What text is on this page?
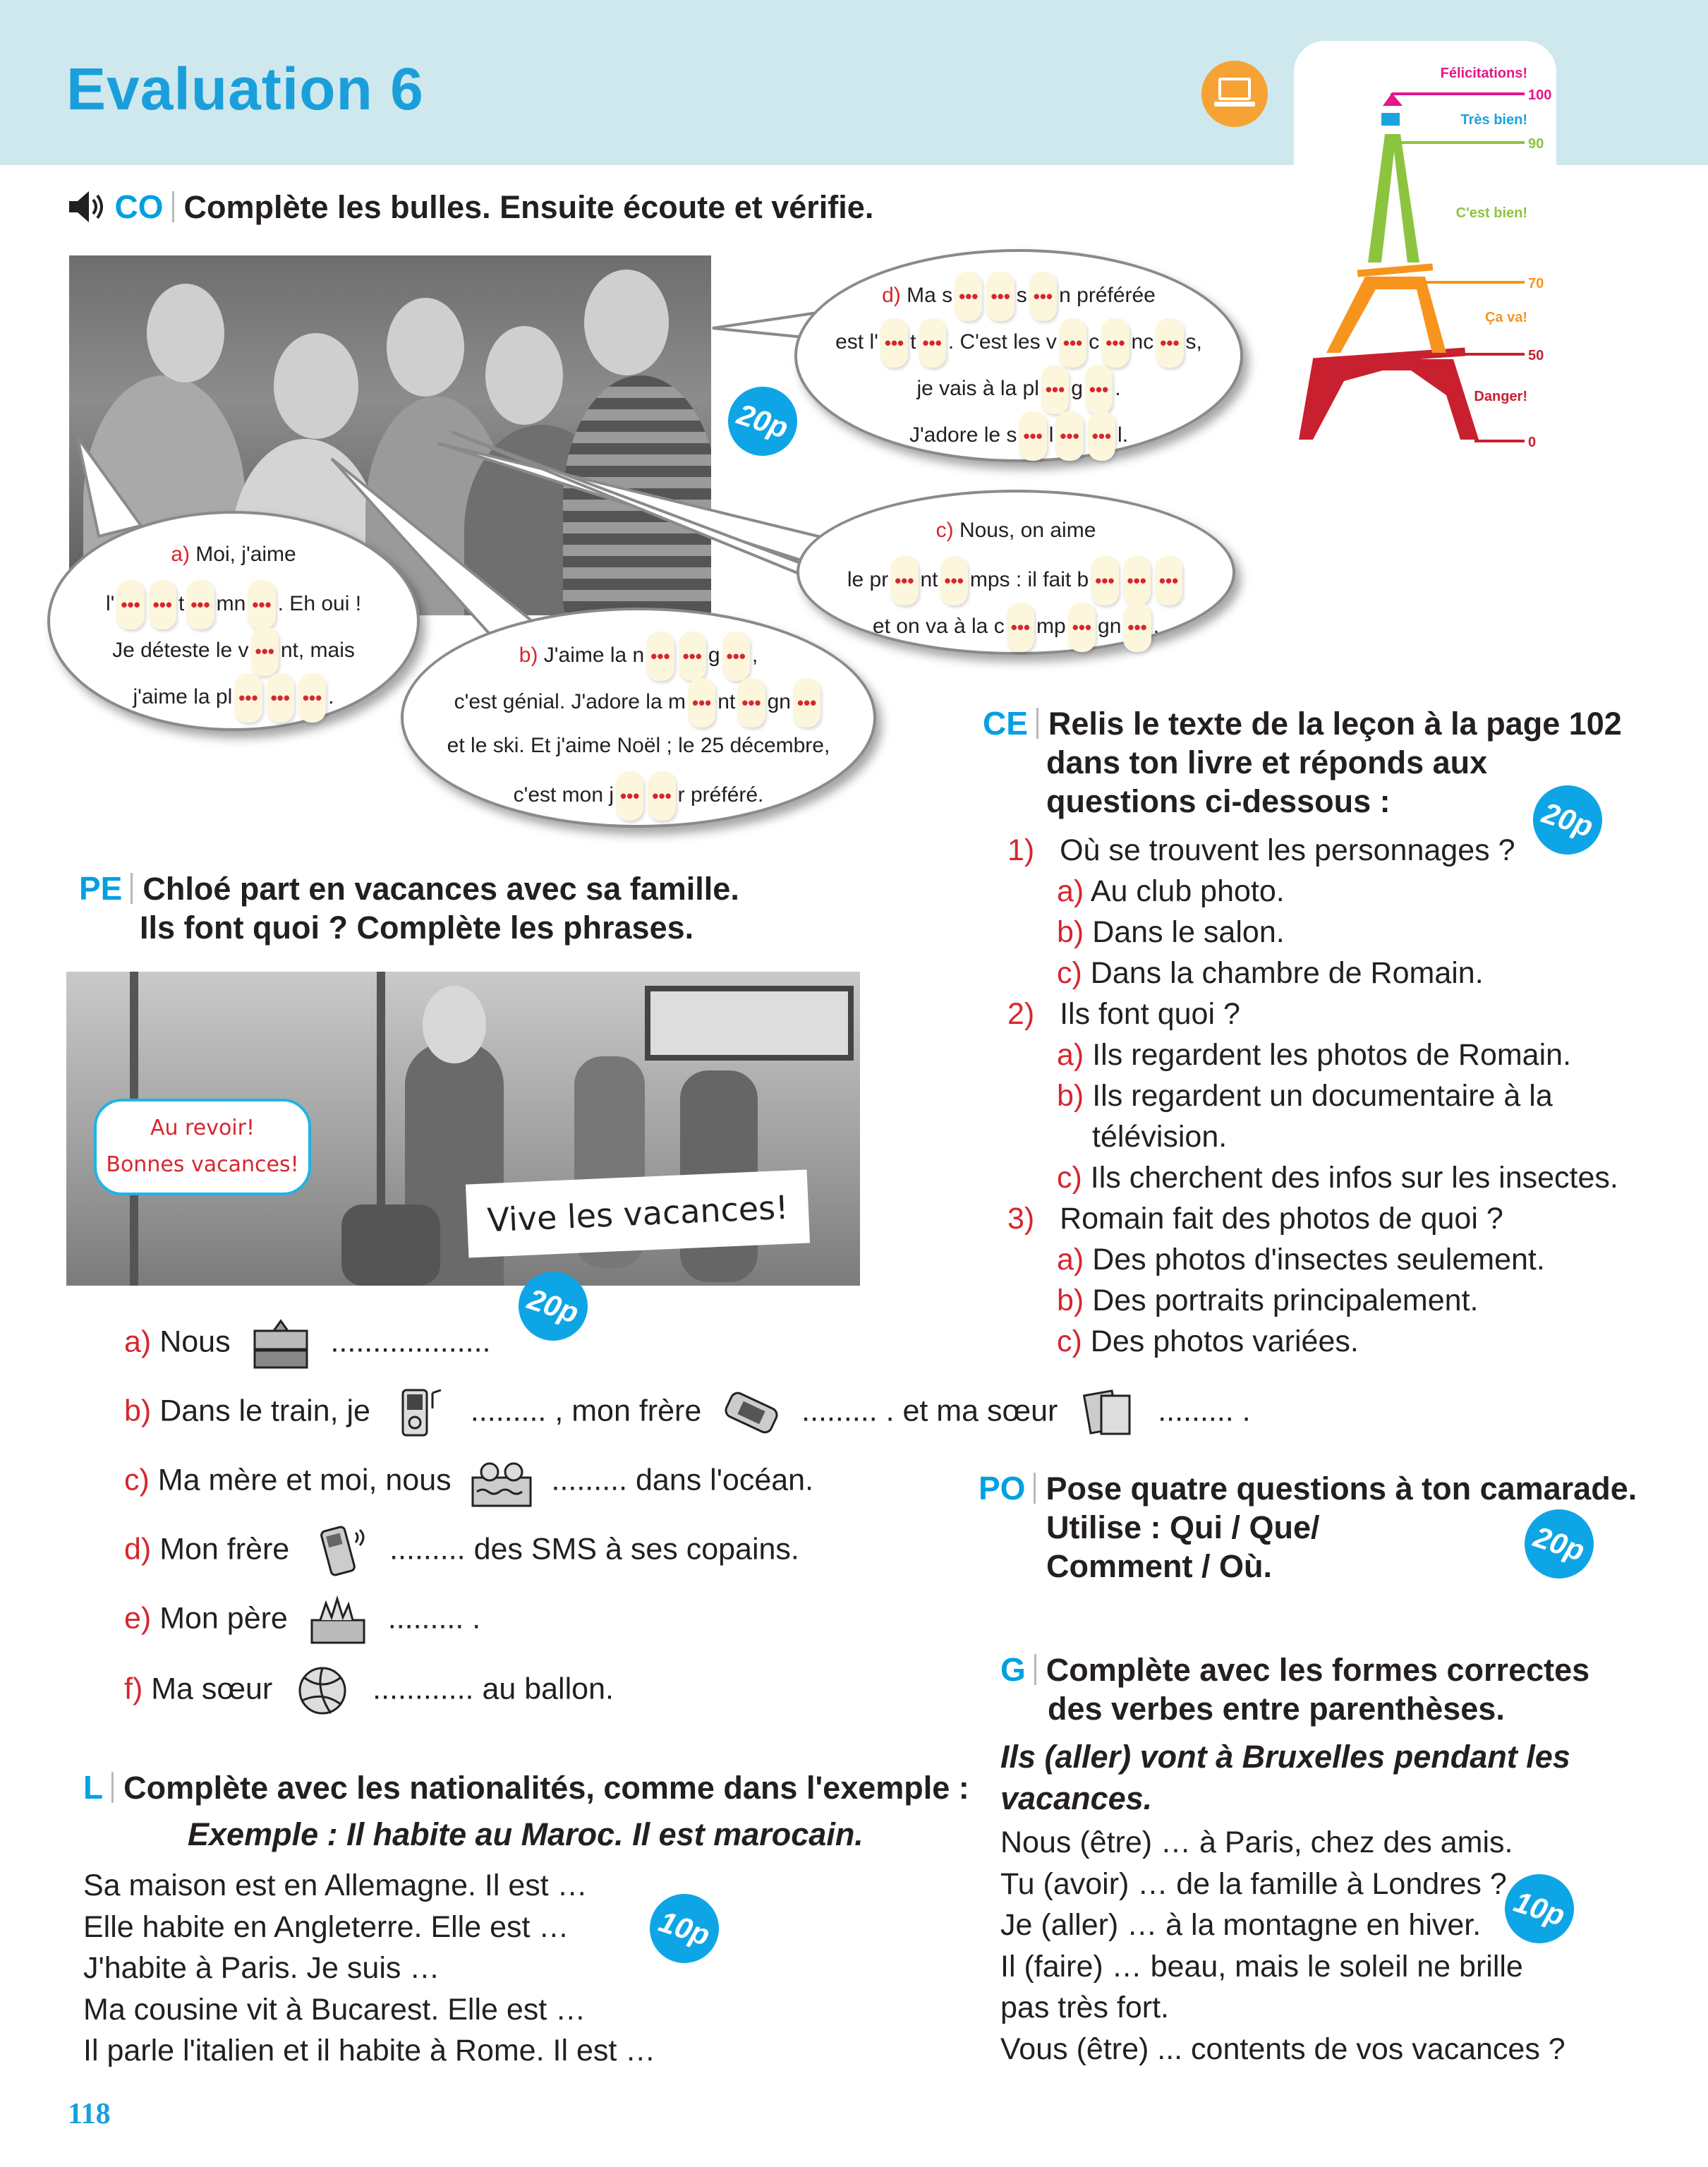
Evaluation 6	Félicitations!
Très bien!
C'est bien!
Ça va!
Danger!
100
90
70
50
0
CO Complète les bulles. Ensuite écoute et vérifie.
d) Ma s ••• ••• s ••• n préférée
est l' ••• t ••• . C'est les v ••• c ••• nc ••• s,
je vais à la pl ••• g ••• .
J'adore le s ••• l ••• ••• l.
c) Nous, on aime
le pr ••• nt ••• mps : il fait b ••• ••• •••
et on va à la c ••• mp ••• gn ••• .
a) Moi, j'aime
l' ••• ••• t ••• mn ••• . Eh oui !
Je déteste le v ••• nt, mais
j'aime la pl ••• ••• ••• .
b) J'aime la n ••• ••• g ••• ,
c'est génial. J'adore la m ••• nt ••• gn •••
et le ski. Et j'aime Noël ; le 25 décembre,
c'est mon j ••• ••• r préféré.
20p
PE Chloé part en vacances avec sa famille.
Ils font quoi ? Complète les phrases.
Au revoir!
Bonnes vacances!
Vive les vacances!
20p
a) Nous	...................
b) Dans le train, je	......... , mon frère	......... . et ma sœur	......... .
c) Ma mère et moi, nous	......... dans l'océan.
d) Mon frère	......... des SMS à ses copains.
e) Mon père	......... .
f) Ma sœur	............ au ballon.
L Complète avec les nationalités, comme dans l'exemple :
Exemple : Il habite au Maroc. Il est marocain.
Sa maison est en Allemagne. Il est …
Elle habite en Angleterre. Elle est …
J'habite à Paris. Je suis …
Ma cousine vit à Bucarest. Elle est …
Il parle l'italien et il habite à Rome. Il est …
10p
118
CE Relis le texte de la leçon à la page 102
dans ton livre et réponds aux
questions ci-dessous :	20p
1) Où se trouvent les personnages ?
a) Au club photo.
b) Dans le salon.
c) Dans la chambre de Romain.
2) Ils font quoi ?
a) Ils regardent les photos de Romain.
b) Ils regardent un documentaire à la
télévision.
c) Ils cherchent des infos sur les insectes.
3) Romain fait des photos de quoi ?
a) Des photos d'insectes seulement.
b) Des portraits principalement.
c) Des photos variées.
PO Pose quatre questions à ton camarade.
Utilise : Qui / Que/
Comment / Où.	20p
G Complète avec les formes correctes
des verbes entre parenthèses.
Ils (aller) vont à Bruxelles pendant les
vacances.
Nous (être) … à Paris, chez des amis.
Tu (avoir) … de la famille à Londres ?
Je (aller) … à la montagne en hiver.
Il (faire) … beau, mais le soleil ne brille
pas très fort.
Vous (être) ... contents de vos vacances ?
10p
